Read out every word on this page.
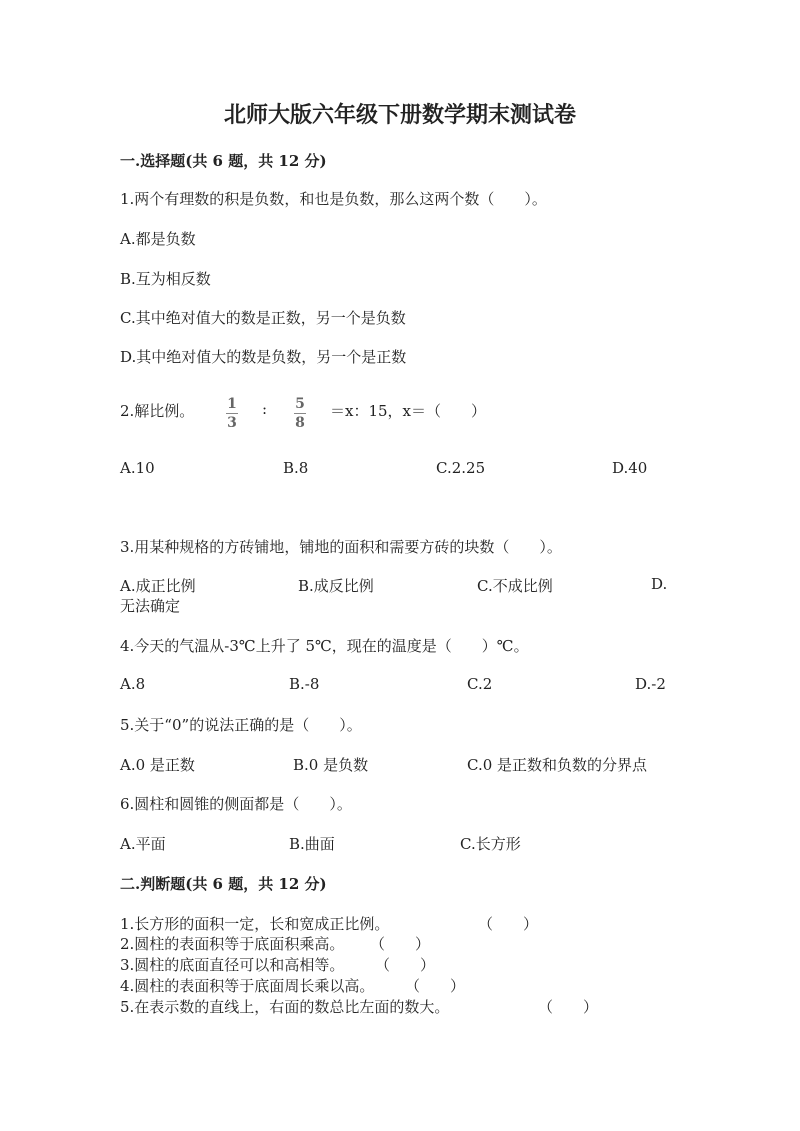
北师大版六年级下册数学期末测试卷
一.选择题(共 6 题，共 12 分)
1.两个有理数的积是负数，和也是负数，那么这两个数（　　）。
A.都是负数
B.互为相反数
C.其中绝对值大的数是正数，另一个是负数
D.其中绝对值大的数是负数，另一个是正数
2.解比例。 1
3
: 5
8
＝x：15，x＝（　　）
A.10	B.8	C.2.25	D.40
3.用某种规格的方砖铺地，铺地的面积和需要方砖的块数（　　）。
A.成正比例	B.成反比例	C.不成比例	D.
无法确定
4.今天的气温从-3℃上升了 5℃，现在的温度是（　　）℃。
A.8	B.-8	C.2	D.-2
5.关于“0”的说法正确的是（　　）。
A.0 是正数	B.0 是负数	C.0 是正数和负数的分界点
6.圆柱和圆锥的侧面都是（　　）。
A.平面	B.曲面	C.长方形
二.判断题(共 6 题，共 12 分)
1.长方形的面积一定，长和宽成正比例。	（　　）
2.圆柱的表面积等于底面积乘高。 （　　）
3.圆柱的底面直径可以和高相等。 （　　）
4.圆柱的表面积等于底面周长乘以高。 （　　）
5.在表示数的直线上，右面的数总比左面的数大。	（　　）
